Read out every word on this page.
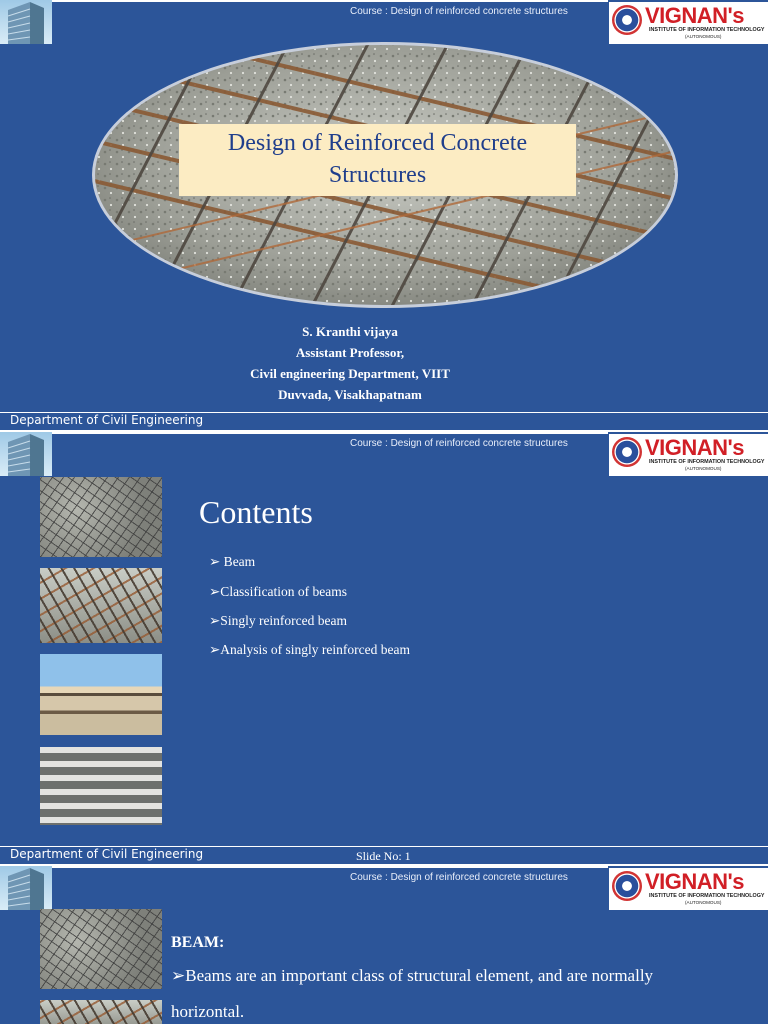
Course : Design of reinforced concrete structures	VIGNAN's
INSTITUTE OF INFORMATION TECHNOLOGY
(AUTONOMOUS)
Design of Reinforced Concrete
Structures
S. Kranthi vijaya
Assistant Professor,
Civil engineering Department, VIIT
Duvvada, Visakhapatnam
Department of Civil Engineering
Course : Design of reinforced concrete structures	VIGNAN's
INSTITUTE OF INFORMATION TECHNOLOGY
(AUTONOMOUS)
Contents
➢ Beam
➢Classification of beams
➢Singly reinforced beam
➢Analysis of singly reinforced beam
Department of Civil Engineering	Slide No: 1
Course : Design of reinforced concrete structures	VIGNAN's
INSTITUTE OF INFORMATION TECHNOLOGY
(AUTONOMOUS)
BEAM:
➢Beams are an important class of structural element, and are normally
horizontal.
